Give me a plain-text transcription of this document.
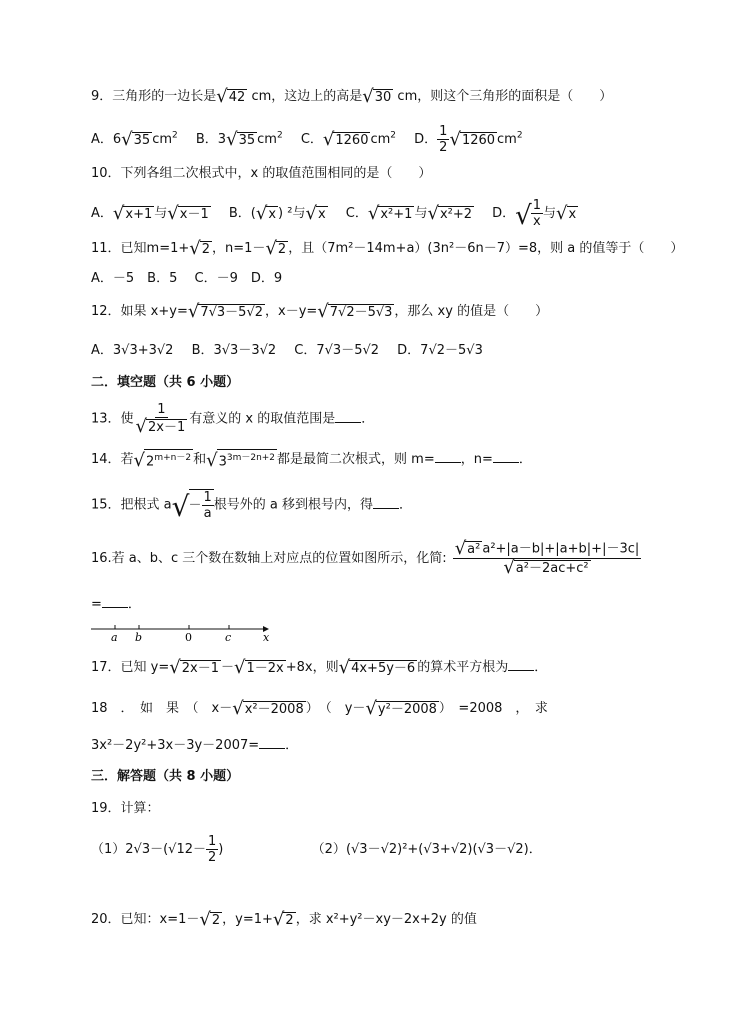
9．三角形的一边长是 √ 42 cm，这边上的高是 √ 30 cm，则这个三角形的面积是（　　）
A．6 √ 35 $cm^2$ B．3 √ 35 $cm^2$ C． √ 1260 $cm^2$ D． $\frac{1}{2}$ √ 1260 $cm^2$
10．下列各组二次根式中，x 的取值范围相同的是（　　）
A． √ x+1 与 √ x－1 B．( √ x ) ²与 √ x C． √ x²+1 与 √ x²+2 D． √ $\frac{1}{x}$ 与 √ x
11．已知m=1+ √ 2 ，n=1－ √ 2 ，且（7m²－14m+a）(3n²－6n－7）=8，则 a 的值等于（　　）
A．－5　B．5　 C．－9　D．9
12．如果 x+y= √ 7√3－5√2 ，x－y= √ 7√2－5√3 ，那么 xy 的值是（　　）
A．3√3+3√2 B．3√3－3√2 C．7√3－5√2 D．7√2－5√3
二．填空题（共 6 小题）
13．使 $\frac{1}{√ 2x-1}$ 有意义的 x 的取值范围是 ．
14．若 √ $2^{m+n-2}$ 和 √ $3^{3m-2n+2}$ 都是最简二次根式，则 m= ，n= ．
15．把根式 a √ － $\frac{1}{a}$ 根号外的 a 移到根号内，得 ．
16.若 a、b、c 三个数在数轴上对应点的位置如图所示，化简: $\frac{\text{√ a² a²+|a－b|+|a+b|+|－3c|}}{\text{√ a²－2ac+c²}}$
= ．
a b	0	c	x
17．已知 y= √ 2x－1 － √ 1－2x +8x，则 √ 4x+5y－6 的算术平方根为 ．
18　．　如　果　（　x－ √ x²－2008 ）　（　y－ √ y²－2008 ）　=2008　，　求
3x²－2y²+3x－3y－2007= ．
三．解答题（共 8 小题）
19．计算：
$(1)2√3-(√12- \frac{1}{2}$ )	（2）(√3－√2)²+(√3+√2)(√3－√2)．
20．已知：x=1－ √ 2 ，y=1+ √ 2 ，求 x²+y²－xy－2x+2y 的值
